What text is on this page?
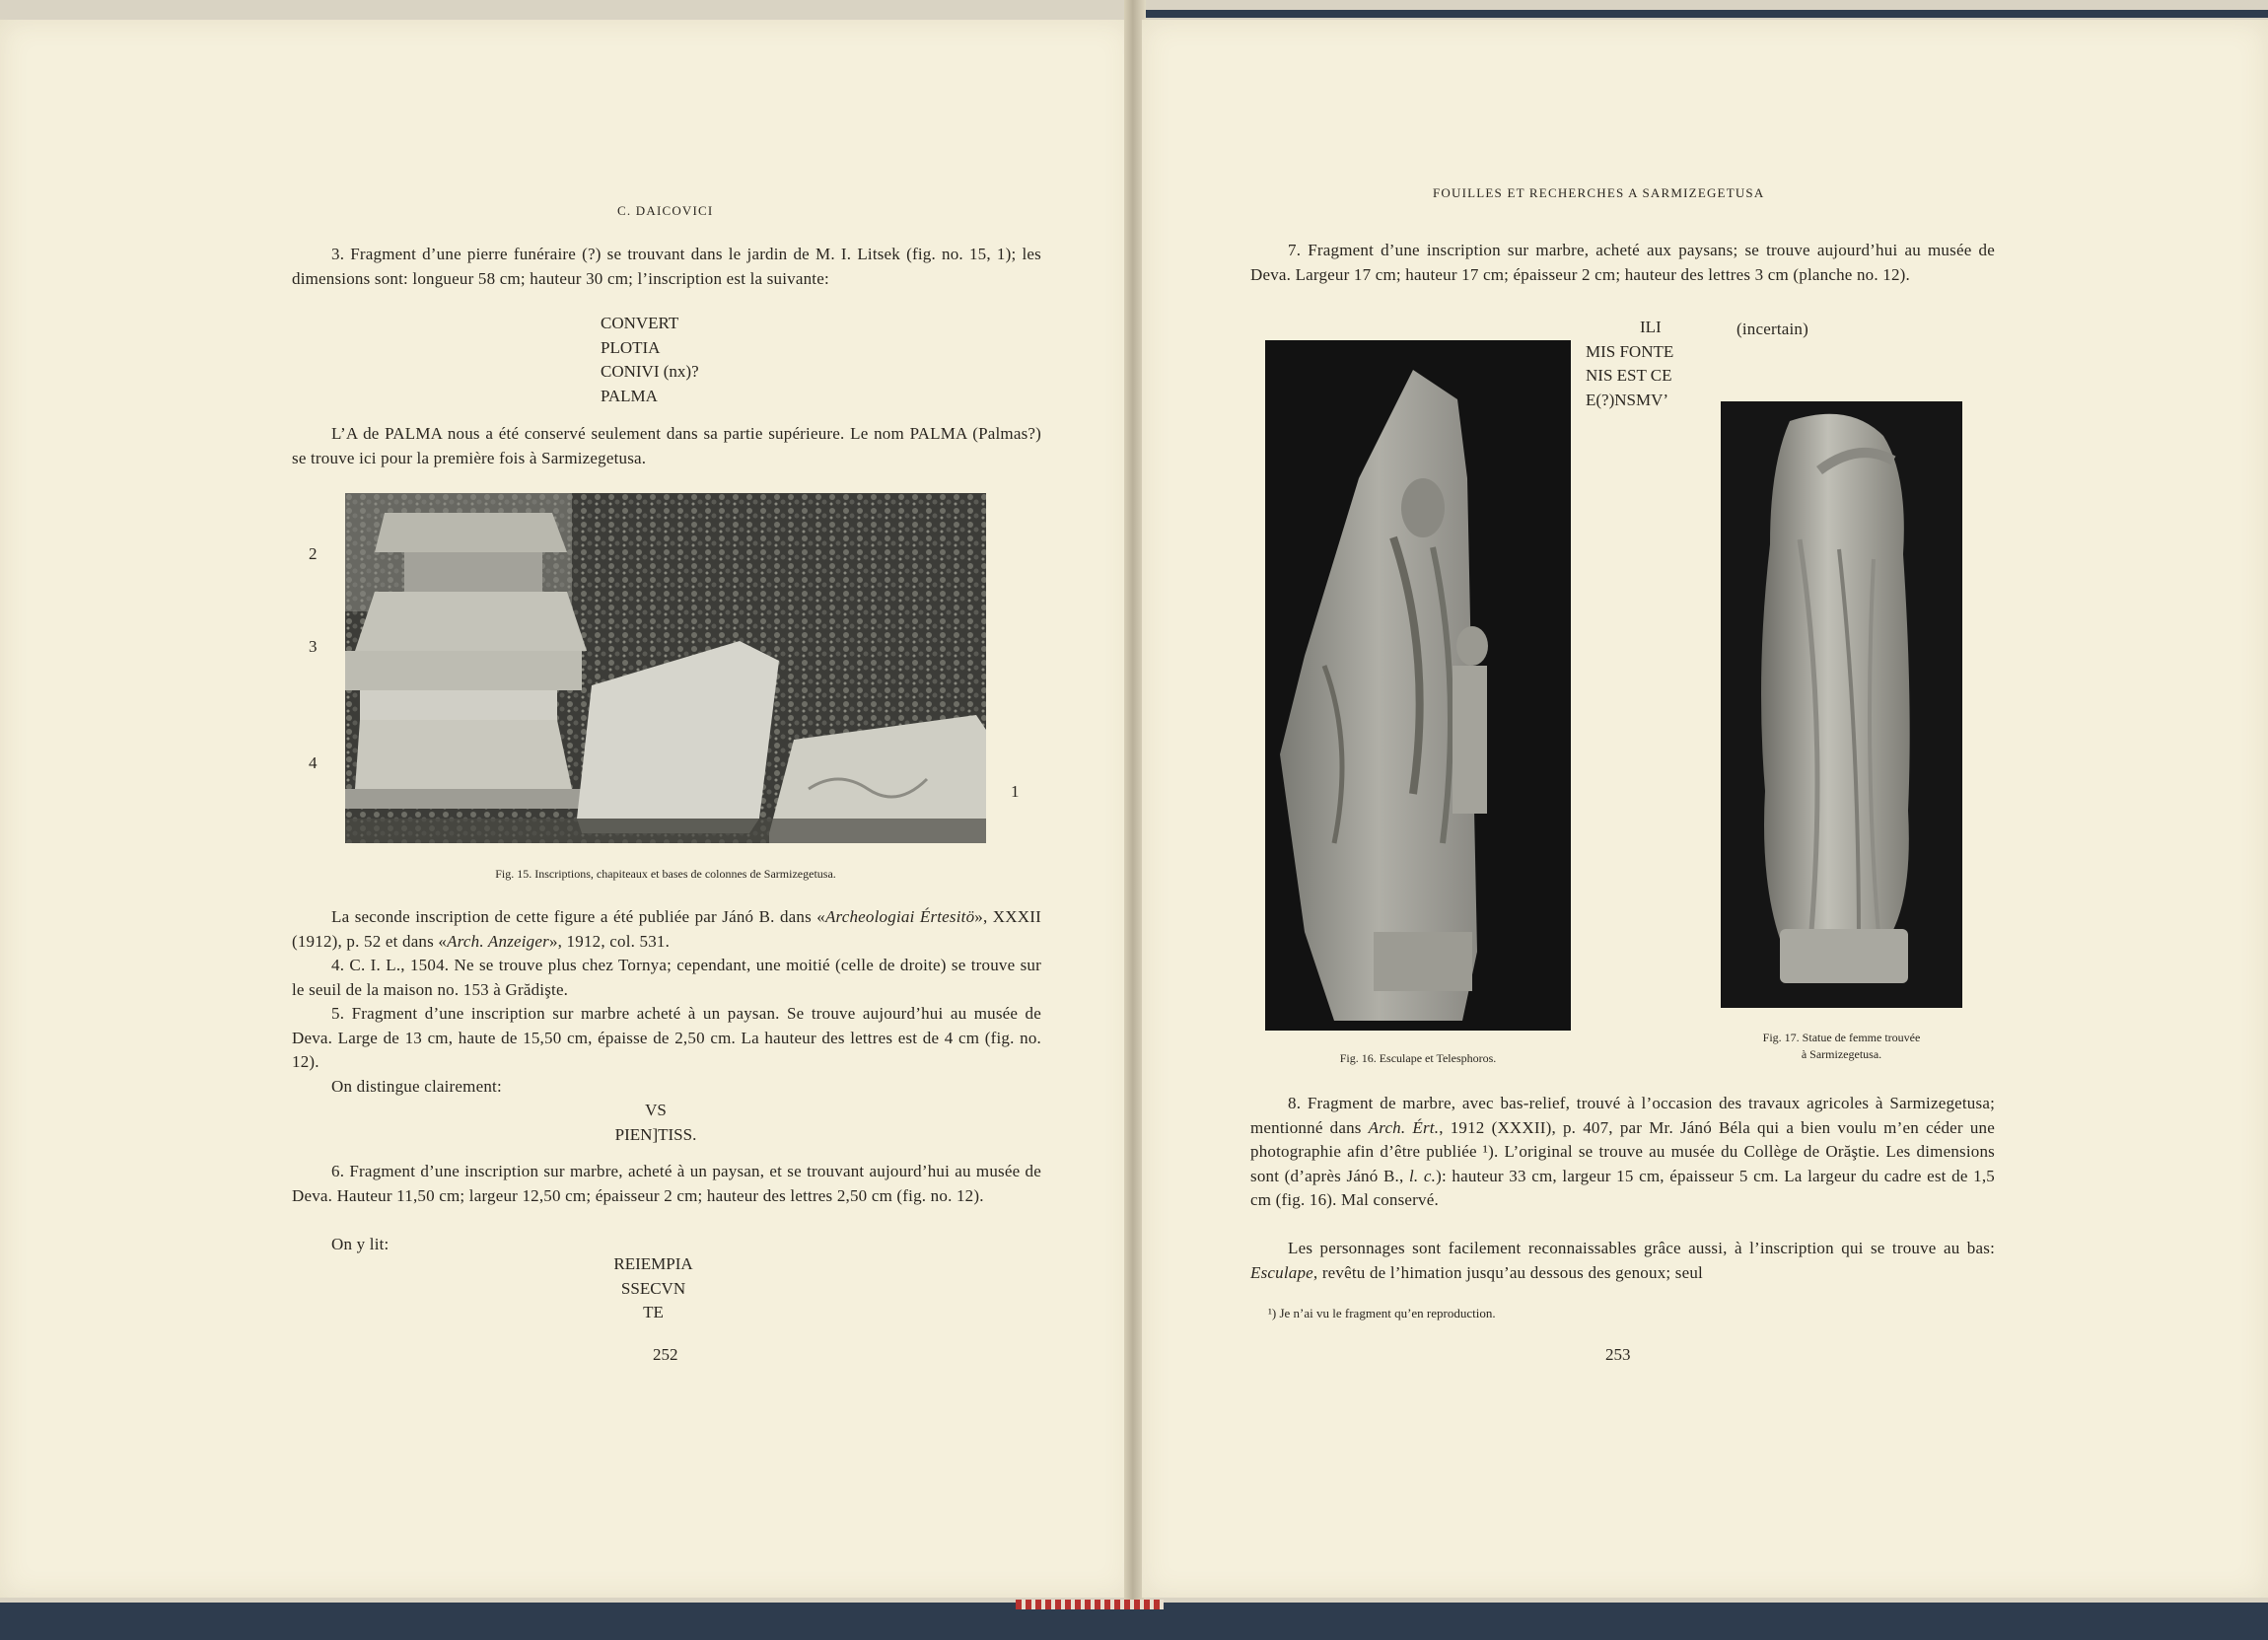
C. DAICOVICI
3. Fragment d’une pierre funéraire (?) se trouvant dans le jardin de M. I. Litsek (fig. no. 15, 1); les dimensions sont: longueur 58 cm; hauteur 30 cm; l’inscription est la suivante:
CONVERT
PLOTIA
CONIVI (nx)?
PALMA
L’A de PALMA nous a été conservé seulement dans sa partie supérieure. Le nom PALMA (Palmas?) se trouve ici pour la première fois à Sarmizegetusa.
2
3
4
1
Fig. 15. Inscriptions, chapiteaux et bases de colonnes de Sarmizegetusa.
La seconde inscription de cette figure a été publiée par Jánó B. dans «Archeologiai Értesitö», XXXII (1912), p. 52 et dans «Arch. Anzeiger», 1912, col. 531.
4. C. I. L., 1504. Ne se trouve plus chez Tornya; cependant, une moitié (celle de droite) se trouve sur le seuil de la maison no. 153 à Grădişte.
5. Fragment d’une inscription sur marbre acheté à un paysan. Se trouve aujourd’hui au musée de Deva. Large de 13 cm, haute de 15,50 cm, épaisse de 2,50 cm. La hauteur des lettres est de 4 cm (fig. no. 12).
On distingue clairement:
VS
PIEN]TISS.
6. Fragment d’une inscription sur marbre, acheté à un paysan, et se trouvant aujourd’hui au musée de Deva. Hauteur 11,50 cm; largeur 12,50 cm; épaisseur 2 cm; hauteur des lettres 2,50 cm (fig. no. 12).
On y lit:
REIEMPIA
SSECVN
TE
252
FOUILLES ET RECHERCHES A SARMIZEGETUSA
7. Fragment d’une inscription sur marbre, acheté aux paysans; se trouve aujourd’hui au musée de Deva. Largeur 17 cm; hauteur 17 cm; épaisseur 2 cm; hauteur des lettres 3 cm (planche no. 12).
ILI
MIS FONTE
NIS EST CE
E(?)NSMV’
(incertain)
Fig. 16. Esculape et Telesphoros.
Fig. 17. Statue de femme trouvée
à Sarmizegetusa.
8. Fragment de marbre, avec bas-relief, trouvé à l’occasion des travaux agricoles à Sarmizegetusa; mentionné dans Arch. Ért., 1912 (XXXII), p. 407, par Mr. Jánó Béla qui a bien voulu m’en céder une photographie afin d’être publiée ¹). L’original se trouve au musée du Collège de Orăştie. Les dimensions sont (d’après Jánó B., l. c.): hauteur 33 cm, largeur 15 cm, épaisseur 5 cm. La largeur du cadre est de 1,5 cm (fig. 16). Mal conservé.
Les personnages sont facilement reconnaissables grâce aussi, à l’inscription qui se trouve au bas: Esculape, revêtu de l’himation jusqu’au dessous des genoux; seul
¹) Je n’ai vu le fragment qu’en reproduction.
253
